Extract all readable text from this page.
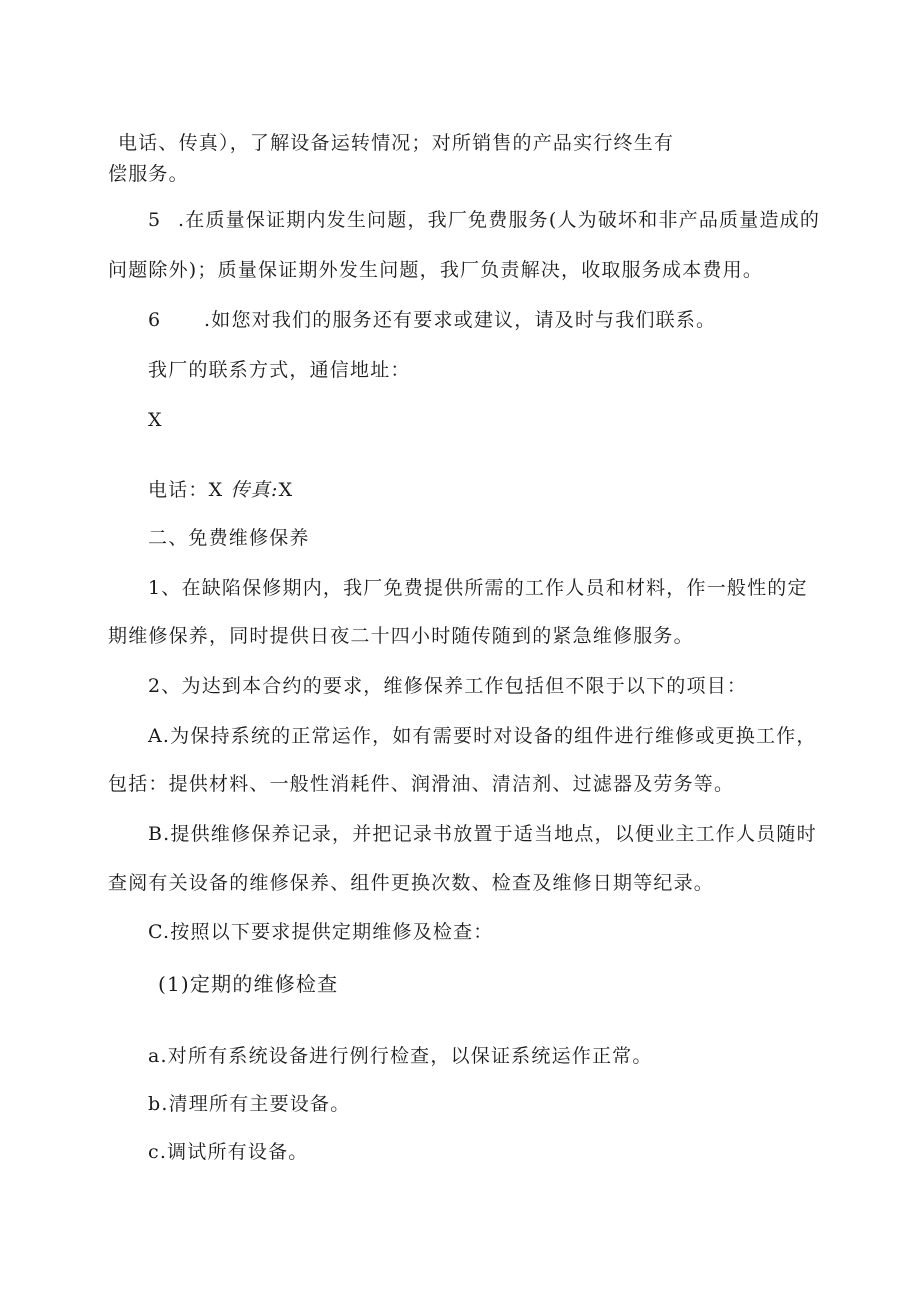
电话、传真），了解设备运转情况；对所销售的产品实行终生有
偿服务。
5 .在质量保证期内发生问题，我厂免费服务(人为破坏和非产品质量造成的
问题除外)；质量保证期外发生问题，我厂负责解决，收取服务成本费用。
6 .如您对我们的服务还有要求或建议，请及时与我们联系。
我厂的联系方式，通信地址：
X
电话：X 传真:X
二、免费维修保养
1、在缺陷保修期内，我厂免费提供所需的工作人员和材料，作一般性的定
期维修保养，同时提供日夜二十四小时随传随到的紧急维修服务。
2、为达到本合约的要求，维修保养工作包括但不限于以下的项目：
A.为保持系统的正常运作，如有需要时对设备的组件进行维修或更换工作，
包括：提供材料、一般性消耗件、润滑油、清洁剂、过滤器及劳务等。
B.提供维修保养记录，并把记录书放置于适当地点，以便业主工作人员随时
查阅有关设备的维修保养、组件更换次数、检查及维修日期等纪录。
C.按照以下要求提供定期维修及检查：
(1)定期的维修检查
a.对所有系统设备进行例行检查，以保证系统运作正常。
b.清理所有主要设备。
c.调试所有设备。
